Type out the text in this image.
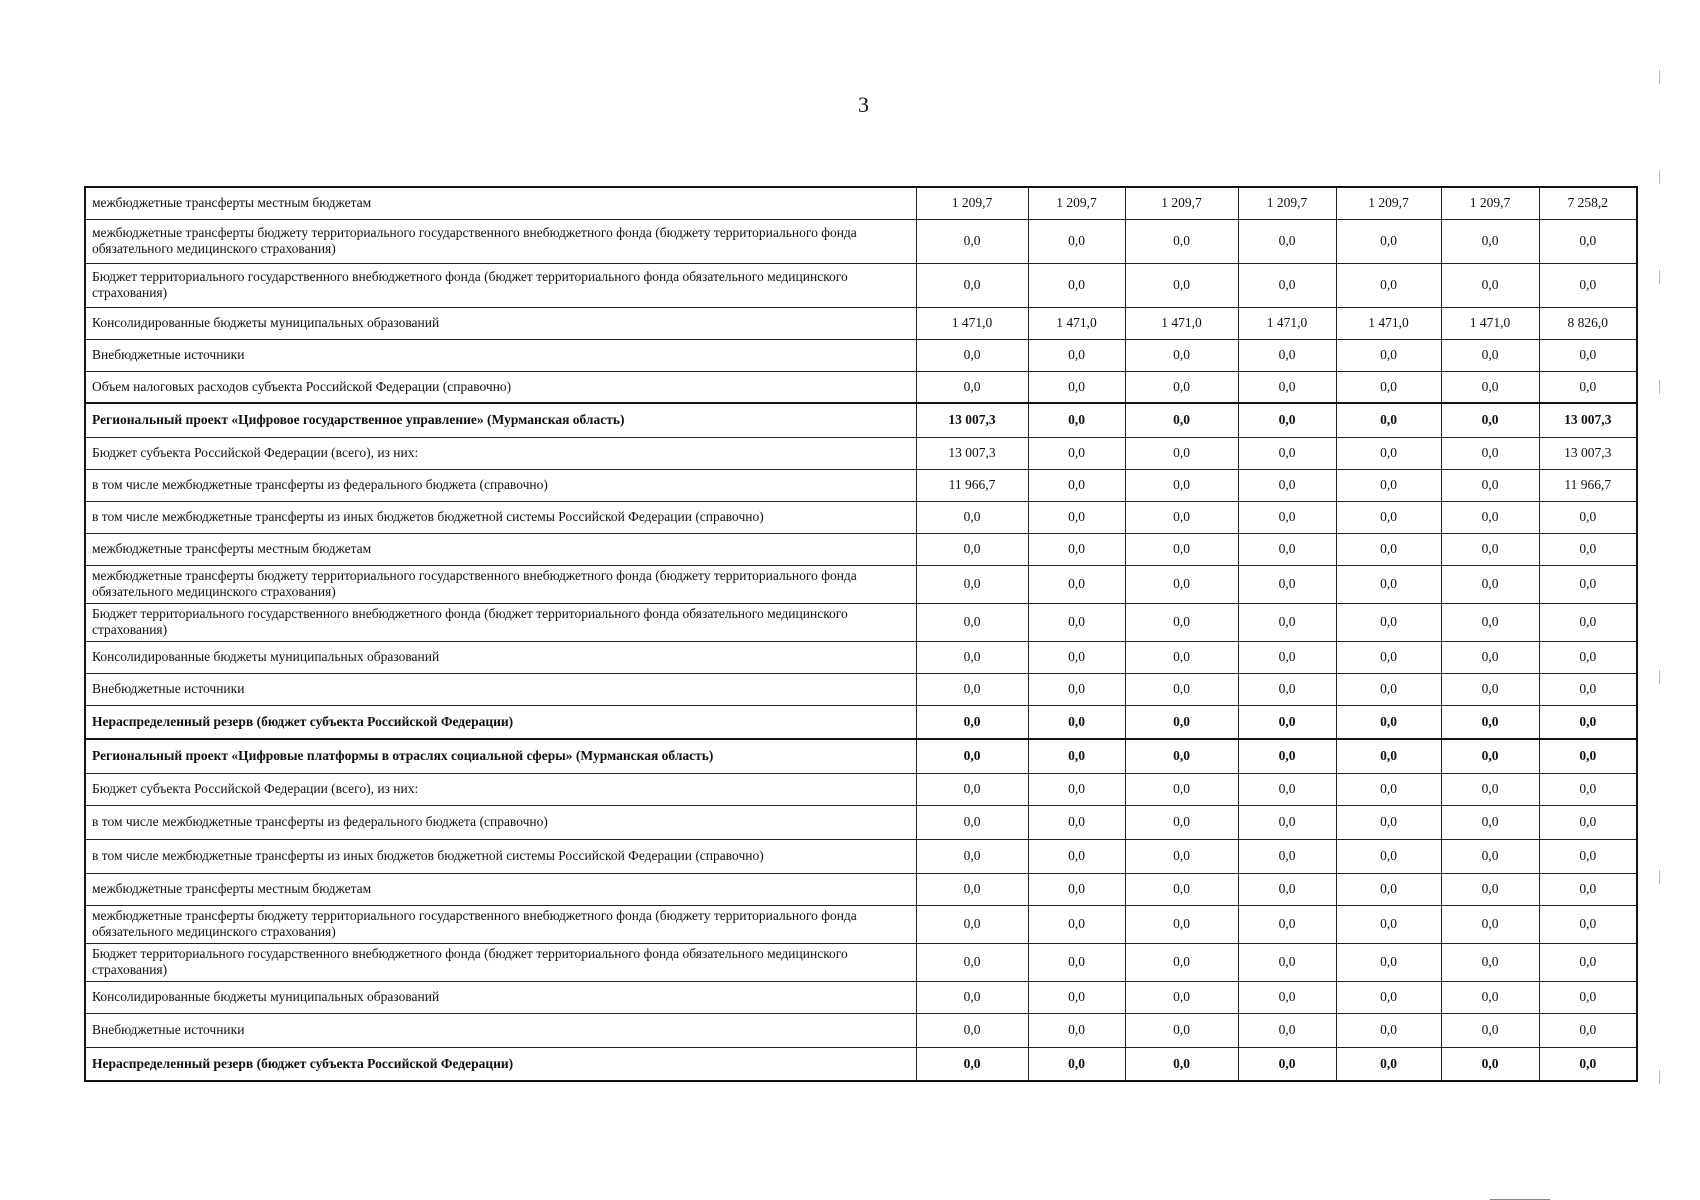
3
межбюджетные трансферты местным бюджетам	1 209,7	1 209,7	1 209,7	1 209,7	1 209,7	1 209,7	7 258,2
межбюджетные трансферты бюджету территориального государственного внебюджетного фонда (бюджету территориального фонда обязательного медицинского страхования)	0,0	0,0	0,0	0,0	0,0	0,0	0,0
Бюджет территориального государственного внебюджетного фонда (бюджет территориального фонда обязательного медицинского страхования)	0,0	0,0	0,0	0,0	0,0	0,0	0,0
Консолидированные бюджеты муниципальных образований	1 471,0	1 471,0	1 471,0	1 471,0	1 471,0	1 471,0	8 826,0
Внебюджетные источники	0,0	0,0	0,0	0,0	0,0	0,0	0,0
Объем налоговых расходов субъекта Российской Федерации (справочно)	0,0	0,0	0,0	0,0	0,0	0,0	0,0
Региональный проект «Цифровое государственное управление» (Мурманская область)	13 007,3	0,0	0,0	0,0	0,0	0,0	13 007,3
Бюджет субъекта Российской Федерации (всего), из них:	13 007,3	0,0	0,0	0,0	0,0	0,0	13 007,3
в том числе межбюджетные трансферты из федерального бюджета (справочно)	11 966,7	0,0	0,0	0,0	0,0	0,0	11 966,7
в том числе межбюджетные трансферты из иных бюджетов бюджетной системы Российской Федерации (справочно)	0,0	0,0	0,0	0,0	0,0	0,0	0,0
межбюджетные трансферты местным бюджетам	0,0	0,0	0,0	0,0	0,0	0,0	0,0
межбюджетные трансферты бюджету территориального государственного внебюджетного фонда (бюджету территориального фонда обязательного медицинского страхования)	0,0	0,0	0,0	0,0	0,0	0,0	0,0
Бюджет территориального государственного внебюджетного фонда (бюджет территориального фонда обязательного медицинского страхования)	0,0	0,0	0,0	0,0	0,0	0,0	0,0
Консолидированные бюджеты муниципальных образований	0,0	0,0	0,0	0,0	0,0	0,0	0,0
Внебюджетные источники	0,0	0,0	0,0	0,0	0,0	0,0	0,0
Нераспределенный резерв (бюджет субъекта Российской Федерации)	0,0	0,0	0,0	0,0	0,0	0,0	0,0
Региональный проект «Цифровые платформы в отраслях социальной сферы» (Мурманская область)	0,0	0,0	0,0	0,0	0,0	0,0	0,0
Бюджет субъекта Российской Федерации (всего), из них:	0,0	0,0	0,0	0,0	0,0	0,0	0,0
в том числе межбюджетные трансферты из федерального бюджета (справочно)	0,0	0,0	0,0	0,0	0,0	0,0	0,0
в том числе межбюджетные трансферты из иных бюджетов бюджетной системы Российской Федерации (справочно)	0,0	0,0	0,0	0,0	0,0	0,0	0,0
межбюджетные трансферты местным бюджетам	0,0	0,0	0,0	0,0	0,0	0,0	0,0
межбюджетные трансферты бюджету территориального государственного внебюджетного фонда (бюджету территориального фонда обязательного медицинского страхования)	0,0	0,0	0,0	0,0	0,0	0,0	0,0
Бюджет территориального государственного внебюджетного фонда (бюджет территориального фонда обязательного медицинского страхования)	0,0	0,0	0,0	0,0	0,0	0,0	0,0
Консолидированные бюджеты муниципальных образований	0,0	0,0	0,0	0,0	0,0	0,0	0,0
Внебюджетные источники	0,0	0,0	0,0	0,0	0,0	0,0	0,0
Нераспределенный резерв (бюджет субъекта Российской Федерации)	0,0	0,0	0,0	0,0	0,0	0,0	0,0
